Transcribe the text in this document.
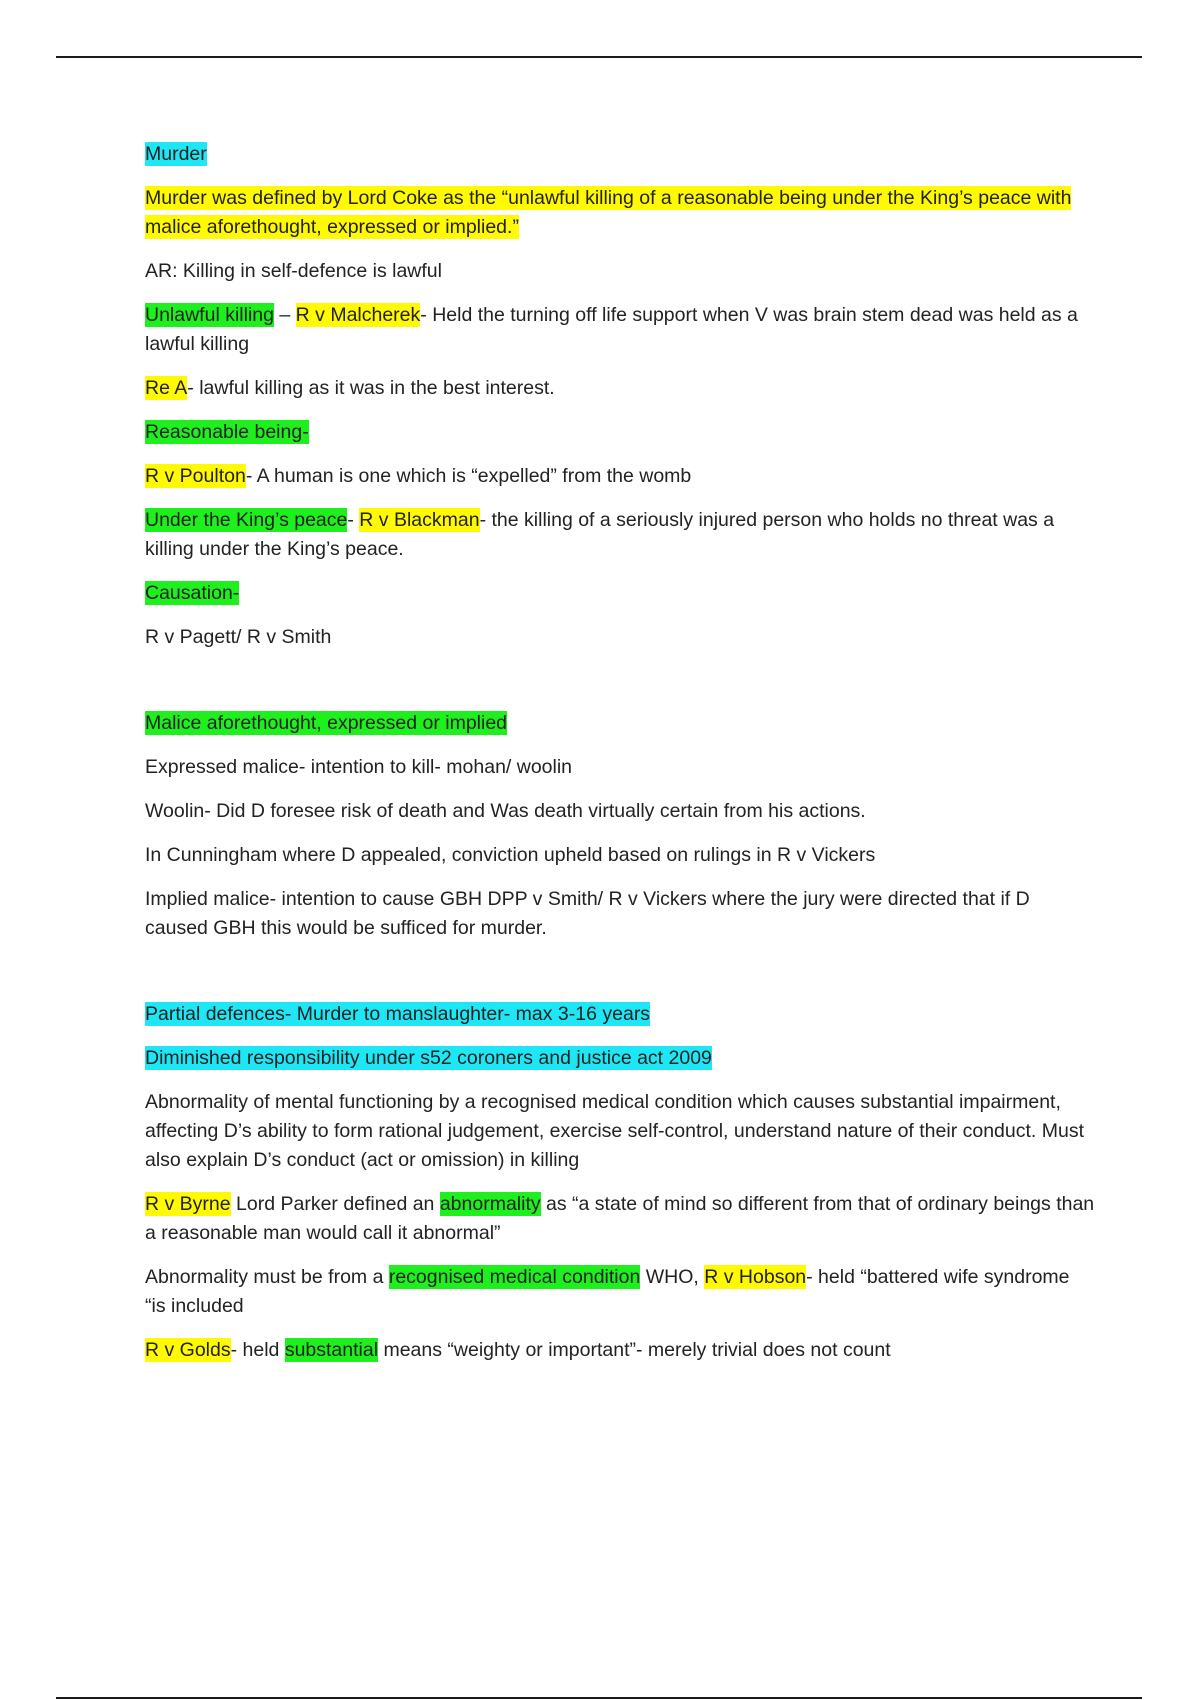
Murder

Murder was defined by Lord Coke as the “unlawful killing of a reasonable being under the King’s peace with malice aforethought, expressed or implied.”

AR: Killing in self-defence is lawful

Unlawful killing – R v Malcherek- Held the turning off life support when V was brain stem dead was held as a lawful killing

Re A- lawful killing as it was in the best interest.

Reasonable being-

R v Poulton- A human is one which is “expelled” from the womb

Under the King’s peace- R v Blackman- the killing of a seriously injured person who holds no threat was a killing under the King’s peace.

Causation-

R v Pagett/ R v Smith

Malice aforethought, expressed or implied

Expressed malice- intention to kill- mohan/ woolin

Woolin- Did D foresee risk of death and Was death virtually certain from his actions.

In Cunningham where D appealed, conviction upheld based on rulings in R v Vickers

Implied malice- intention to cause GBH DPP v Smith/ R v Vickers where the jury were directed that if D caused GBH this would be sufficed for murder.

Partial defences- Murder to manslaughter- max 3-16 years

Diminished responsibility under s52 coroners and justice act 2009

Abnormality of mental functioning by a recognised medical condition which causes substantial impairment, affecting D’s ability to form rational judgement, exercise self-control, understand nature of their conduct. Must also explain D’s conduct (act or omission) in killing

R v Byrne Lord Parker defined an abnormality as “a state of mind so different from that of ordinary beings than a reasonable man would call it abnormal”

Abnormality must be from a recognised medical condition WHO, R v Hobson- held “battered wife syndrome “is included

R v Golds- held substantial means “weighty or important”- merely trivial does not count
